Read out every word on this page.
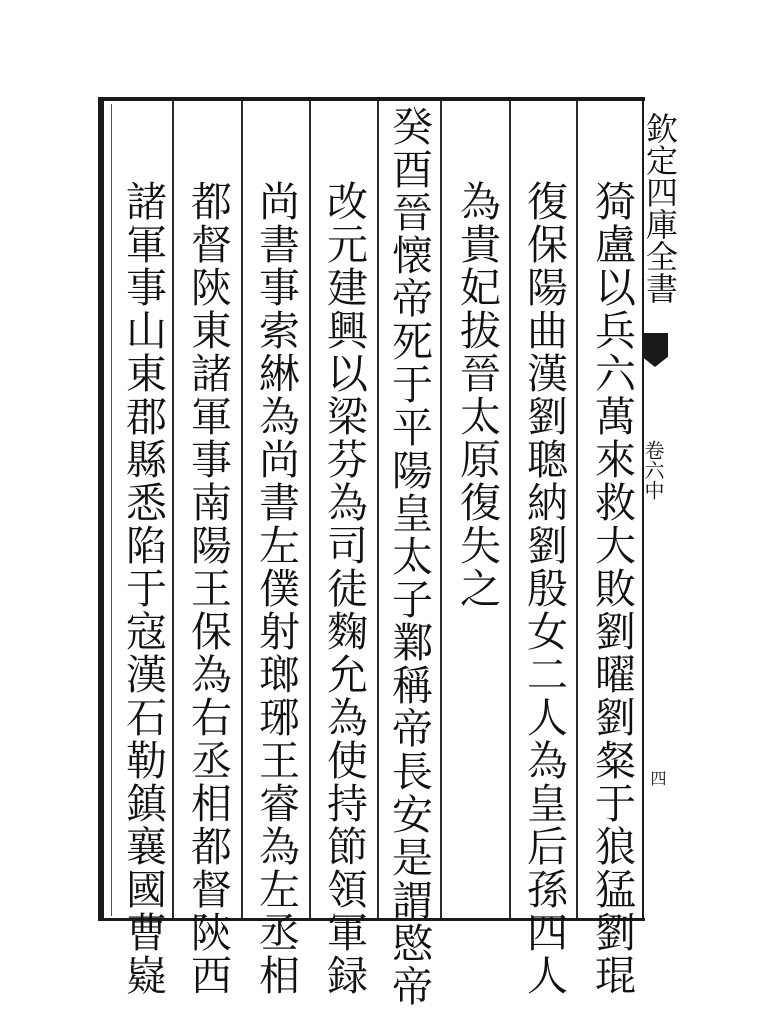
欽定四庫全書
卷六中
四
猗盧以兵六萬來救大敗劉曜劉粲于狼猛劉琨
復保陽曲漢劉聰納劉殷女二人為皇后孫四人
為貴妃拔晉太原復失之
癸酉晉懐帝死于平陽皇太子鄴稱帝長安是謂愍帝
改元建興以梁芬為司徒麴允為使持節領軍録
尚書事索綝為尚書左僕射瑯琊王睿為左丞相
都督陝東諸軍事南陽王保為右丞相都督陝西
諸軍事山東郡縣悉陷于寇漢石勒鎮襄國曹嶷
